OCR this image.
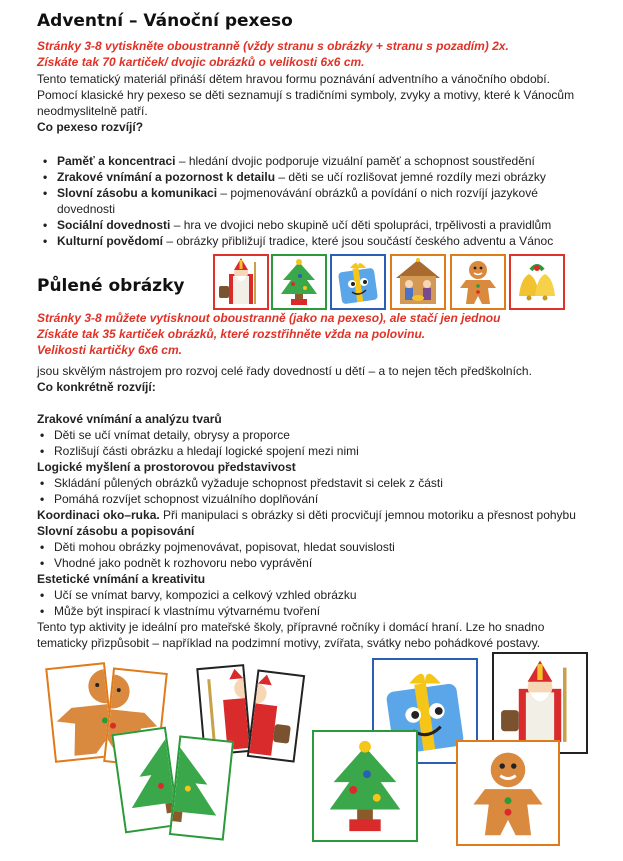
Adventní – Vánoční pexeso
Stránky 3-8 vytiskněte oboustranně (vždy stranu s obrázky + stranu s pozadím) 2x.
Získáte tak 70 kartiček/ dvojic obrázků o velikosti 6x6 cm.
Tento tematický materiál přináší dětem hravou formu poznávání adventního a vánočního období.
Pomocí klasické hry pexeso se děti seznamují s tradičními symboly, zvyky a motivy, které k Vánocům
neodmyslitelně patří.
Co pexeso rozvíjí?
• Paměť a koncentraci – hledání dvojic podporuje vizuální paměť a schopnost soustředění
• Zrakové vnímání a pozornost k detailu – děti se učí rozlišovat jemné rozdíly mezi obrázky
• Slovní zásobu a komunikaci – pojmenovávání obrázků a povídání o nich rozvíjí jazykové
dovednosti
• Sociální dovednosti – hra ve dvojici nebo skupině učí děti spolupráci, trpělivosti a pravidlům
• Kulturní povědomí – obrázky přibližují tradice, které jsou součástí českého adventu a Vánoc
Půlené obrázky
Stránky 3-8 můžete vytisknout oboustranně (jako na pexeso), ale stačí jen jednou
Získáte tak 35 kartiček obrázků, které rozstřihněte vždа na polovinu.
Velikosti kartičky 6x6 cm.
jsou skvělým nástrojem pro rozvoj celé řady dovedností u dětí – a to nejen těch předškolních.
Co konkrétně rozvíjí:
Zrakové vnímání a analýzu tvarů
• Děti se učí vnímat detaily, obrysy a proporce
• Rozlišují části obrázku a hledají logické spojení mezi nimi
Logické myšlení a prostorovou představivost
• Skládání půlených obrázků vyžaduje schopnost představit si celek z části
• Pomáhá rozvíjet schopnost vizuálního doplňování
Koordinaci oko–ruka. Při manipulaci s obrázky si děti procvičují jemnou motoriku a přesnost pohybu
Slovní zásobu a popisování
• Děti mohou obrázky pojmenovávat, popisovat, hledat souvislosti
• Vhodné jako podnět k rozhovoru nebo vyprávění
Estetické vnímání a kreativitu
• Učí se vnímat barvy, kompozici a celkový vzhled obrázku
• Může být inspirací k vlastnímu výtvarnému tvoření
Tento typ aktivity je ideální pro mateřské školy, přípravné ročníky i domácí hraní. Lze ho snadno
tematicky přizpůsobit – například na podzimní motivy, zvířata, svátky nebo pohádkové postavy.
